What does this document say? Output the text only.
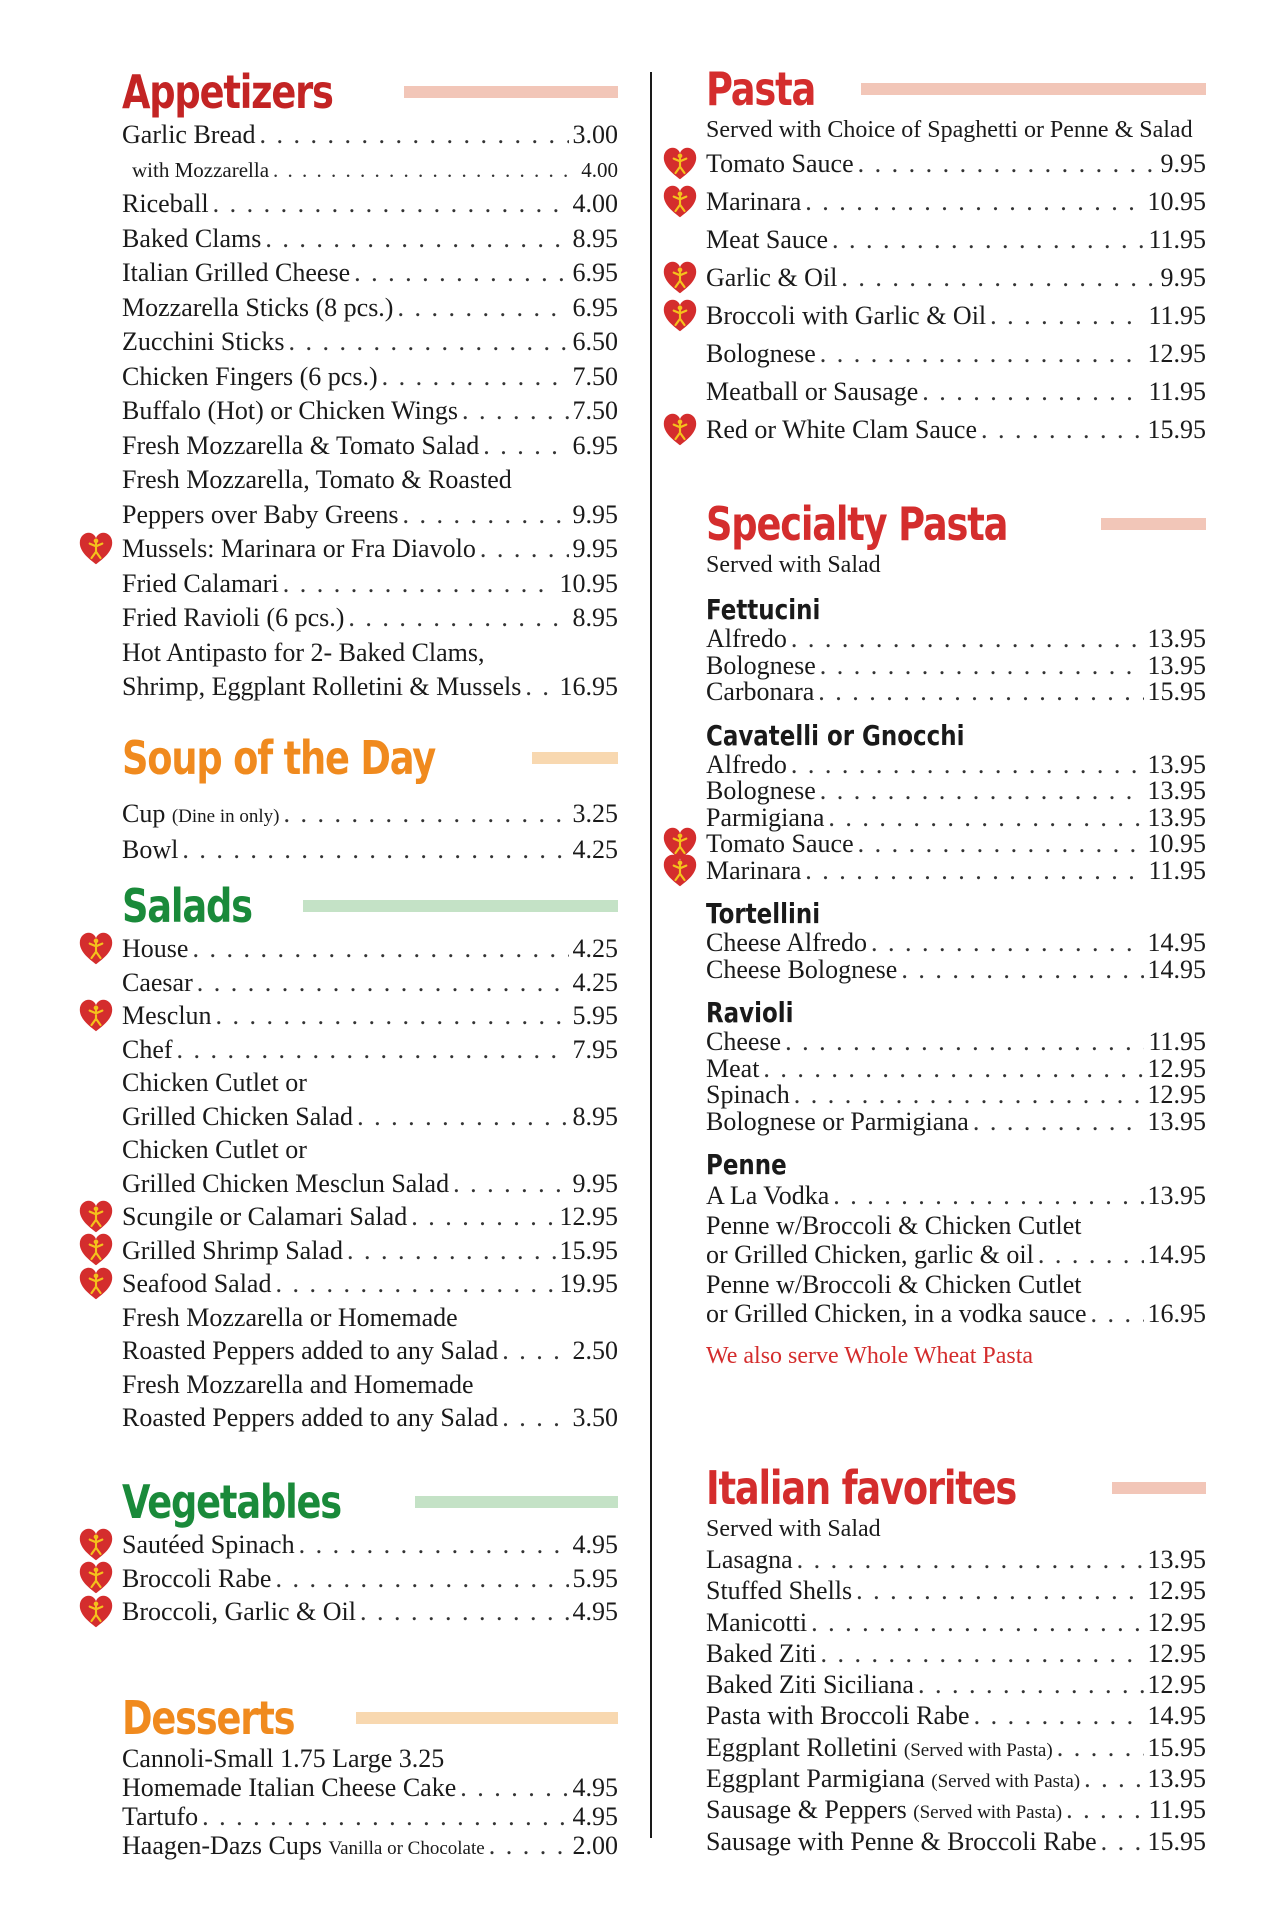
Appetizers
Garlic Bread . . .	3.00
with Mozzarella . . .	4.00
Riceball . . .	4.00
Baked Clams . . .	8.95
Italian Grilled Cheese . . .	6.95
Mozzarella Sticks (8 pcs.) . . .	6.95
Zucchini Sticks . . .	6.50
Chicken Fingers (6 pcs.) . . .	7.50
Buffalo (Hot) or Chicken Wings . . .	7.50
Fresh Mozzarella & Tomato Salad . . .	6.95
Fresh Mozzarella, Tomato & Roasted
Peppers over Baby Greens . . .	9.95
Mussels: Marinara or Fra Diavolo . . .	9.95
Fried Calamari . . .	10.95
Fried Ravioli (6 pcs.) . . .	8.95
Hot Antipasto for 2- Baked Clams,
Shrimp, Eggplant Rolletini & Mussels . . . 16.95
Soup of the Day
Cup
(Dine in only) . . .	3.25
Bowl . . .	4.25
Salads
House . . .	4.25
Caesar . . .	4.25
Mesclun . . .	5.95
Chef . . .	7.95
Chicken Cutlet or
Grilled Chicken Salad . . .	8.95
Chicken Cutlet or
Grilled Chicken Mesclun Salad . . .	9.95
Scungile or Calamari Salad . . .	12.95
Grilled Shrimp Salad . . .	15.95
Seafood Salad . . .	19.95
Fresh Mozzarella or Homemade
Roasted Peppers added to any Salad . . .	2.50
Fresh Mozzarella and Homemade
Roasted Peppers added to any Salad . . .	3.50
Vegetables
Sautéed Spinach . . .	4.95
Broccoli Rabe . . .	5.95
Broccoli, Garlic & Oil . . .	4.95
Desserts
Cannoli-Small 1.75 Large 3.25
Homemade Italian Cheese Cake . . .	4.95
Tartufo . . .	4.95
Haagen-Dazs Cups
Vanilla or Chocolate . . .	2.00
Pasta
Served with Choice of Spaghetti or Penne & Salad
Tomato Sauce . . .	9.95
Marinara . . .	10.95
Meat Sauce . . .	11.95
Garlic & Oil . . .	9.95
Broccoli with Garlic & Oil . . .	11.95
Bolognese . . .	12.95
Meatball or Sausage . . .	11.95
Red or White Clam Sauce . . .	15.95
Specialty Pasta
Served with Salad
Fettucini
Alfredo . . .	13.95
Bolognese . . .	13.95
Carbonara . . .	15.95
Cavatelli or Gnocchi
Alfredo . . .	13.95
Bolognese . . .	13.95
Parmigiana . . .	13.95
Tomato Sauce . . .	10.95
Marinara . . .	11.95
Tortellini
Cheese Alfredo . . .	14.95
Cheese Bolognese . . .	14.95
Ravioli
Cheese . . .	11.95
Meat . . .	12.95
Spinach . . .	12.95
Bolognese or Parmigiana . . .	13.95
Penne
A La Vodka . . .	13.95
Penne w/Broccoli & Chicken Cutlet
or Grilled Chicken, garlic & oil . . .	14.95
Penne w/Broccoli & Chicken Cutlet
or Grilled Chicken, in a vodka sauce . . . 16.95
We also serve Whole Wheat Pasta
Italian favorites
Served with Salad
Lasagna . . .	13.95
Stuffed Shells . . .	12.95
Manicotti . . .	12.95
Baked Ziti . . .	12.95
Baked Ziti Siciliana . . .	12.95
Pasta with Broccoli Rabe . . .	14.95
Eggplant Rolletini
(Served with Pasta) . . .	15.95
Eggplant Parmigiana
(Served with Pasta) . . .	13.95
Sausage & Peppers
(Served with Pasta) . . .	11.95
Sausage with Penne & Broccoli Rabe . . . 15.95
